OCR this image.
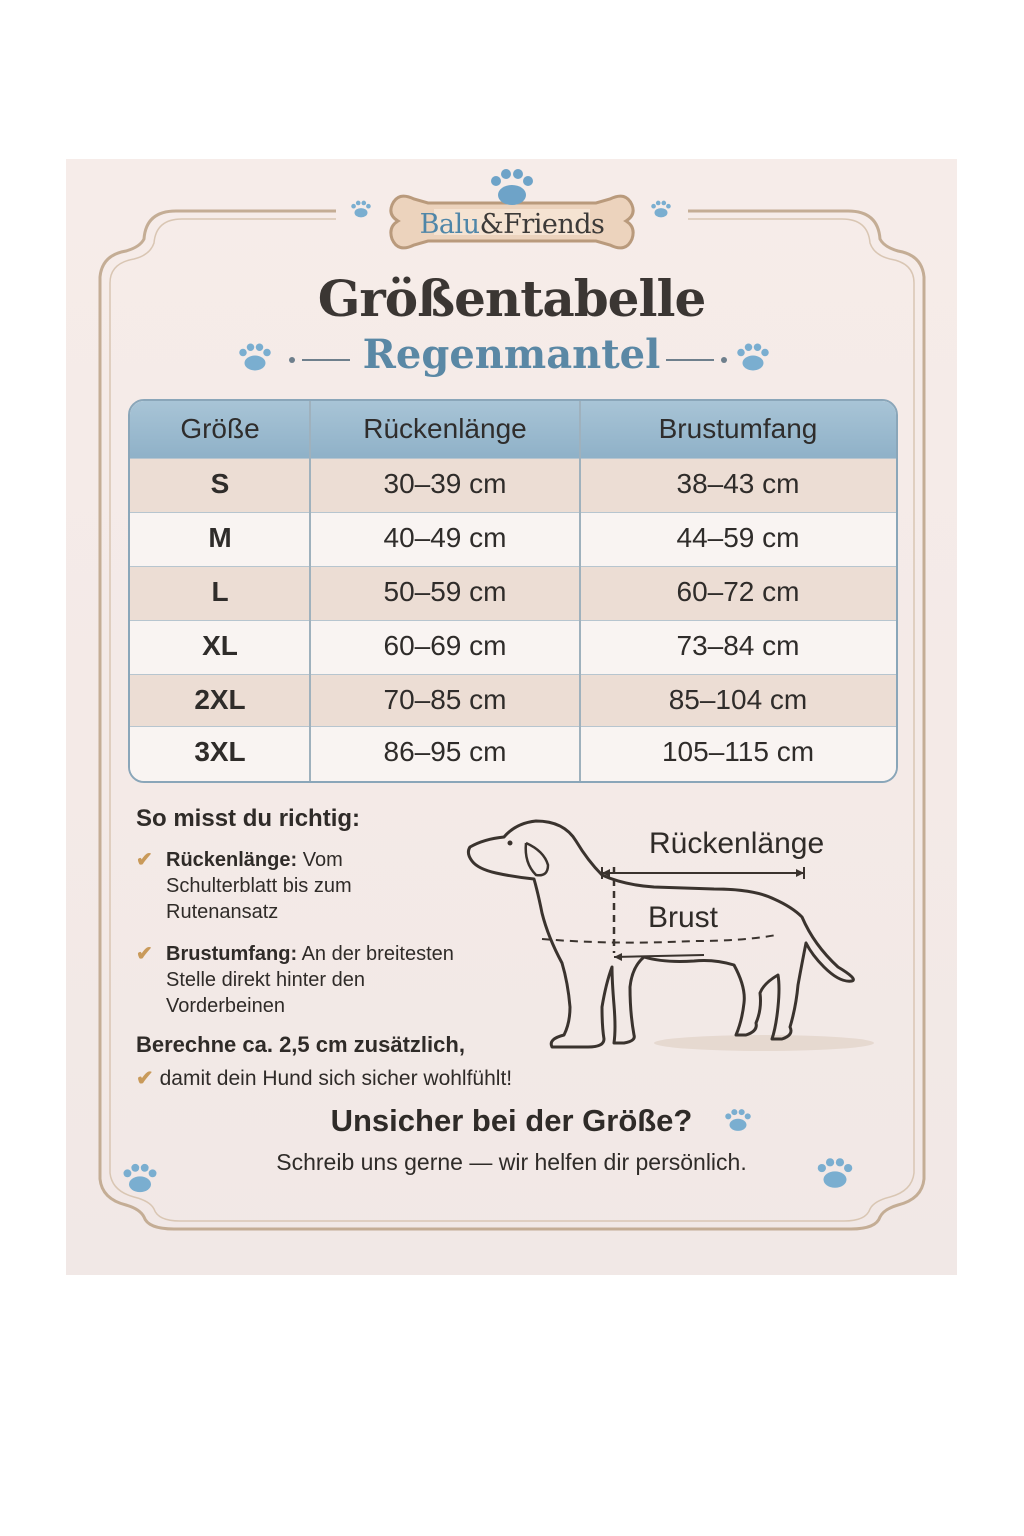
Balu&Friends
Größentabelle
Regenmantel
Größe	Rückenlänge	Brustumfang
S	30–39 cm	38–43 cm
M	40–49 cm	44–59 cm
L	50–59 cm	60–72 cm
XL	60–69 cm	73–84 cm
2XL	70–85 cm	85–104 cm
3XL	86–95 cm	105–115 cm
So misst du richtig:
✔ Rückenlänge: Vom Schulterblatt bis zum Rutenansatz
✔ Brustumfang: An der breitesten Stelle direkt hinter den Vorderbeinen
Berechne ca. 2,5 cm zusätzlich,
✔ damit dein Hund sich sicher wohlfühlt!
Rückenlänge
Brust
Unsicher bei der Größe?
Schreib uns gerne — wir helfen dir persönlich.
